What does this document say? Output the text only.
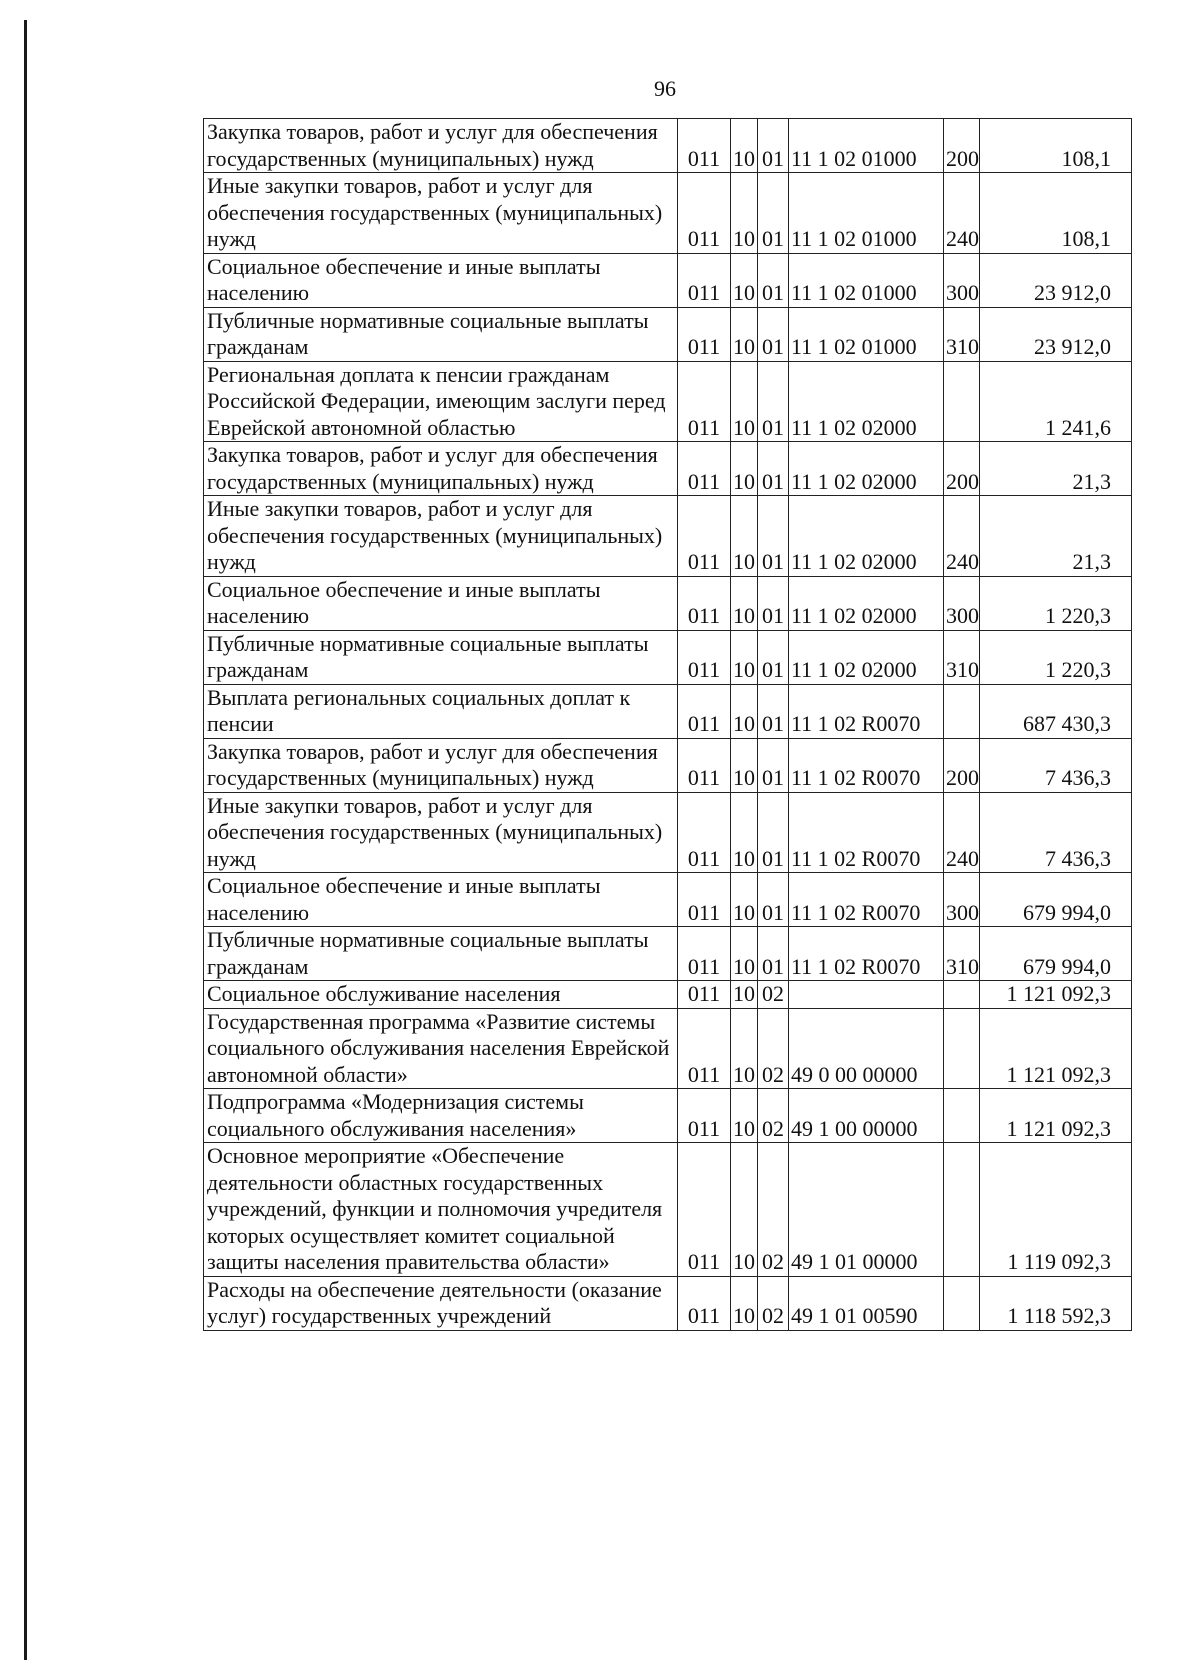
96
Закупка товаров, работ и услуг для обеспечения государственных (муниципальных) нужд	011	10	01	11 1 02 01000	200	108,1
Иные закупки товаров, работ и услуг для обеспечения государственных (муниципальных) нужд	011	10	01	11 1 02 01000	240	108,1
Социальное обеспечение и иные выплаты населению	011	10	01	11 1 02 01000	300	23 912,0
Публичные нормативные социальные выплаты гражданам	011	10	01	11 1 02 01000	310	23 912,0
Региональная доплата к пенсии гражданам Российской Федерации, имеющим заслуги перед Еврейской автономной областью	011	10	01	11 1 02 02000		1 241,6
Закупка товаров, работ и услуг для обеспечения государственных (муниципальных) нужд	011	10	01	11 1 02 02000	200	21,3
Иные закупки товаров, работ и услуг для обеспечения государственных (муниципальных) нужд	011	10	01	11 1 02 02000	240	21,3
Социальное обеспечение и иные выплаты населению	011	10	01	11 1 02 02000	300	1 220,3
Публичные нормативные социальные выплаты гражданам	011	10	01	11 1 02 02000	310	1 220,3
Выплата региональных социальных доплат к пенсии	011	10	01	11 1 02 R0070		687 430,3
Закупка товаров, работ и услуг для обеспечения государственных (муниципальных) нужд	011	10	01	11 1 02 R0070	200	7 436,3
Иные закупки товаров, работ и услуг для обеспечения государственных (муниципальных) нужд	011	10	01	11 1 02 R0070	240	7 436,3
Социальное обеспечение и иные выплаты населению	011	10	01	11 1 02 R0070	300	679 994,0
Публичные нормативные социальные выплаты гражданам	011	10	01	11 1 02 R0070	310	679 994,0
Социальное обслуживание населения	011	10	02			1 121 092,3
Государственная программа «Развитие системы социального обслуживания населения Еврейской автономной области»	011	10	02	49 0 00 00000		1 121 092,3
Подпрограмма «Модернизация системы социального обслуживания населения»	011	10	02	49 1 00 00000		1 121 092,3
Основное мероприятие «Обеспечение деятельности областных государственных учреждений, функции и полномочия учредителя которых осуществляет комитет социальной защиты населения правительства области»	011	10	02	49 1 01 00000		1 119 092,3
Расходы на обеспечение деятельности (оказание услуг) государственных учреждений	011	10	02	49 1 01 00590		1 118 592,3
